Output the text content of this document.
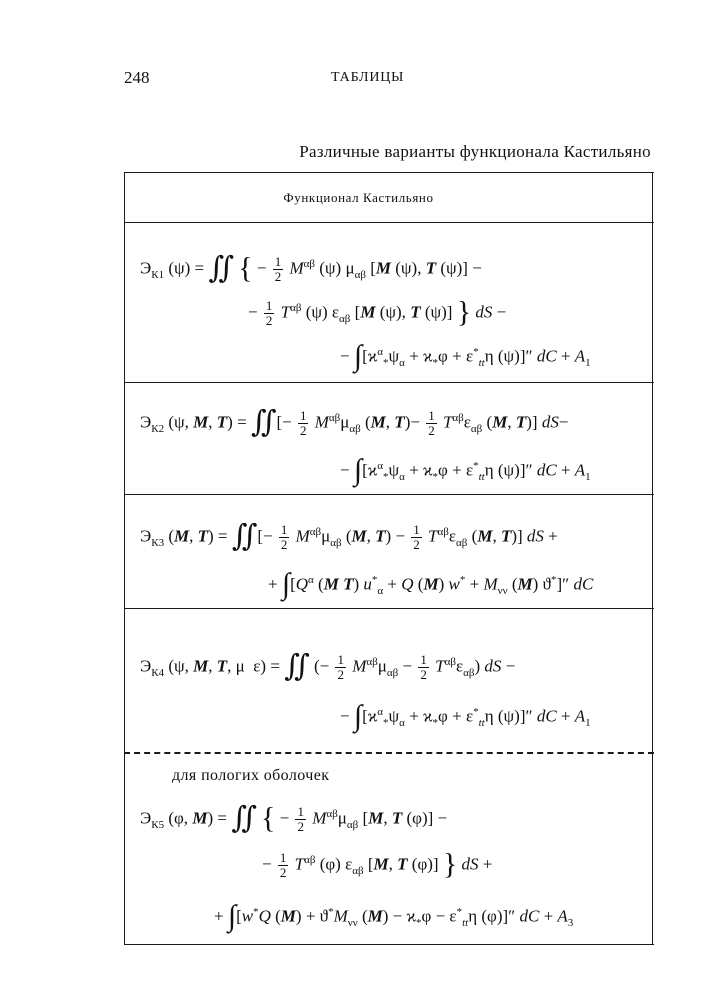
248	ТАБЛИЦЫ
Различные варианты функционала Кастильяно
Функционал Кастильяно
$Э_{К1}$ (ψ) = ∬ { − $\frac{1}{2} M^{\alpha\beta}$ (ψ) $\mu_{\alpha\beta}$ [M (ψ), T (ψ)] −
− $\frac{1}{2} T^{\alpha\beta}$ (ψ) $\varepsilon_{\alpha\beta}$ [M (ψ), T (ψ)] } dS −
− $\int[ϰ^\alpha_*\psi_\alpha + ϰ_*\varphi + \varepsilon^*_{tt}\eta$ (ψ)]″ dC + $A_1$
$Э_{К2}$ (ψ, M, T) = ∬[− $\frac{1}{2} M^{\alpha\beta}\mu_{\alpha\beta}$ (M, $T)- \frac{1}{2} T^{\alpha\beta}\varepsilon_{\alpha\beta}$ (M, T)] dS−
− $\int[ϰ^\alpha_*\psi_\alpha + ϰ_*\varphi + \varepsilon^*_{tt}\eta$ (ψ)]″ dC + $A_1$
$Э_{К3}$ (M, T) = ∬[− $\frac{1}{2} M^{\alpha\beta}\mu_{\alpha\beta}$ (M, $T) - \frac{1}{2} T^{\alpha\beta}\varepsilon_{\alpha\beta}$ (M, T)] dS +
+ $\int[Q^\alpha$ (M T) $u^*_\alpha + Q$ (M) $w^* + M_{\nu\nu}$ (M) ϑ*]″ dC
$Э_{К4}$ (ψ, M, T, μ  ε) = ∬ (− $\frac{1}{2} M^{\alpha\beta}\mu_{\alpha\beta} - \frac{1}{2} T^{\alpha\beta}\varepsilon_{\alpha\beta}$) dS −
− $\int[ϰ^\alpha_*\psi_\alpha + ϰ_*\varphi + \varepsilon^*_{tt}\eta$ (ψ)]″ dC + $A_1$
для пологих оболочек
$Э_{К5}$ (φ, M) = ∬ { − $\frac{1}{2} M^{\alpha\beta}\mu_{\alpha\beta}$ [M, T (φ)] −
− $\frac{1}{2} T^{\alpha\beta}$ (φ) $\varepsilon_{\alpha\beta}$ [M, T (φ)] } dS +
+ ∫[w*Q $(M) + ϑ^*M_{\nu\nu}$ $(M) - ϰ_*\varphi - \varepsilon^*_{tt}\eta$ (φ)]″ dC + $A_3$
